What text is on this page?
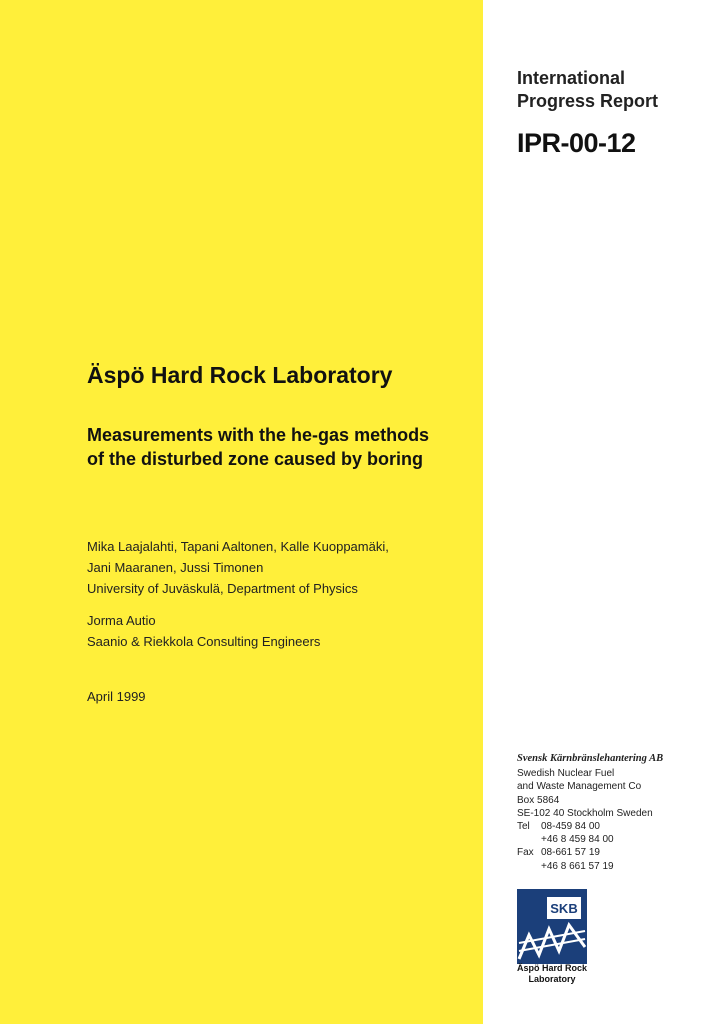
International
Progress Report
IPR-00-12
Äspö Hard Rock Laboratory
Measurements with the he-gas methods
of the disturbed zone caused by boring
Mika Laajalahti, Tapani Aaltonen, Kalle Kuoppamäki,
Jani Maaranen, Jussi Timonen
University of Juväskulä, Department of Physics
Jorma Autio
Saanio & Riekkola Consulting Engineers
April 1999
Svensk Kärnbränslehantering AB
Swedish Nuclear Fuel
and Waste Management Co
Box 5864
SE-102 40 Stockholm Sweden
Tel	08-459 84 00
+46 8 459 84 00
Fax 08-661 57 19
+46 8 661 57 19
SKB
Äspö Hard Rock
Laboratory
